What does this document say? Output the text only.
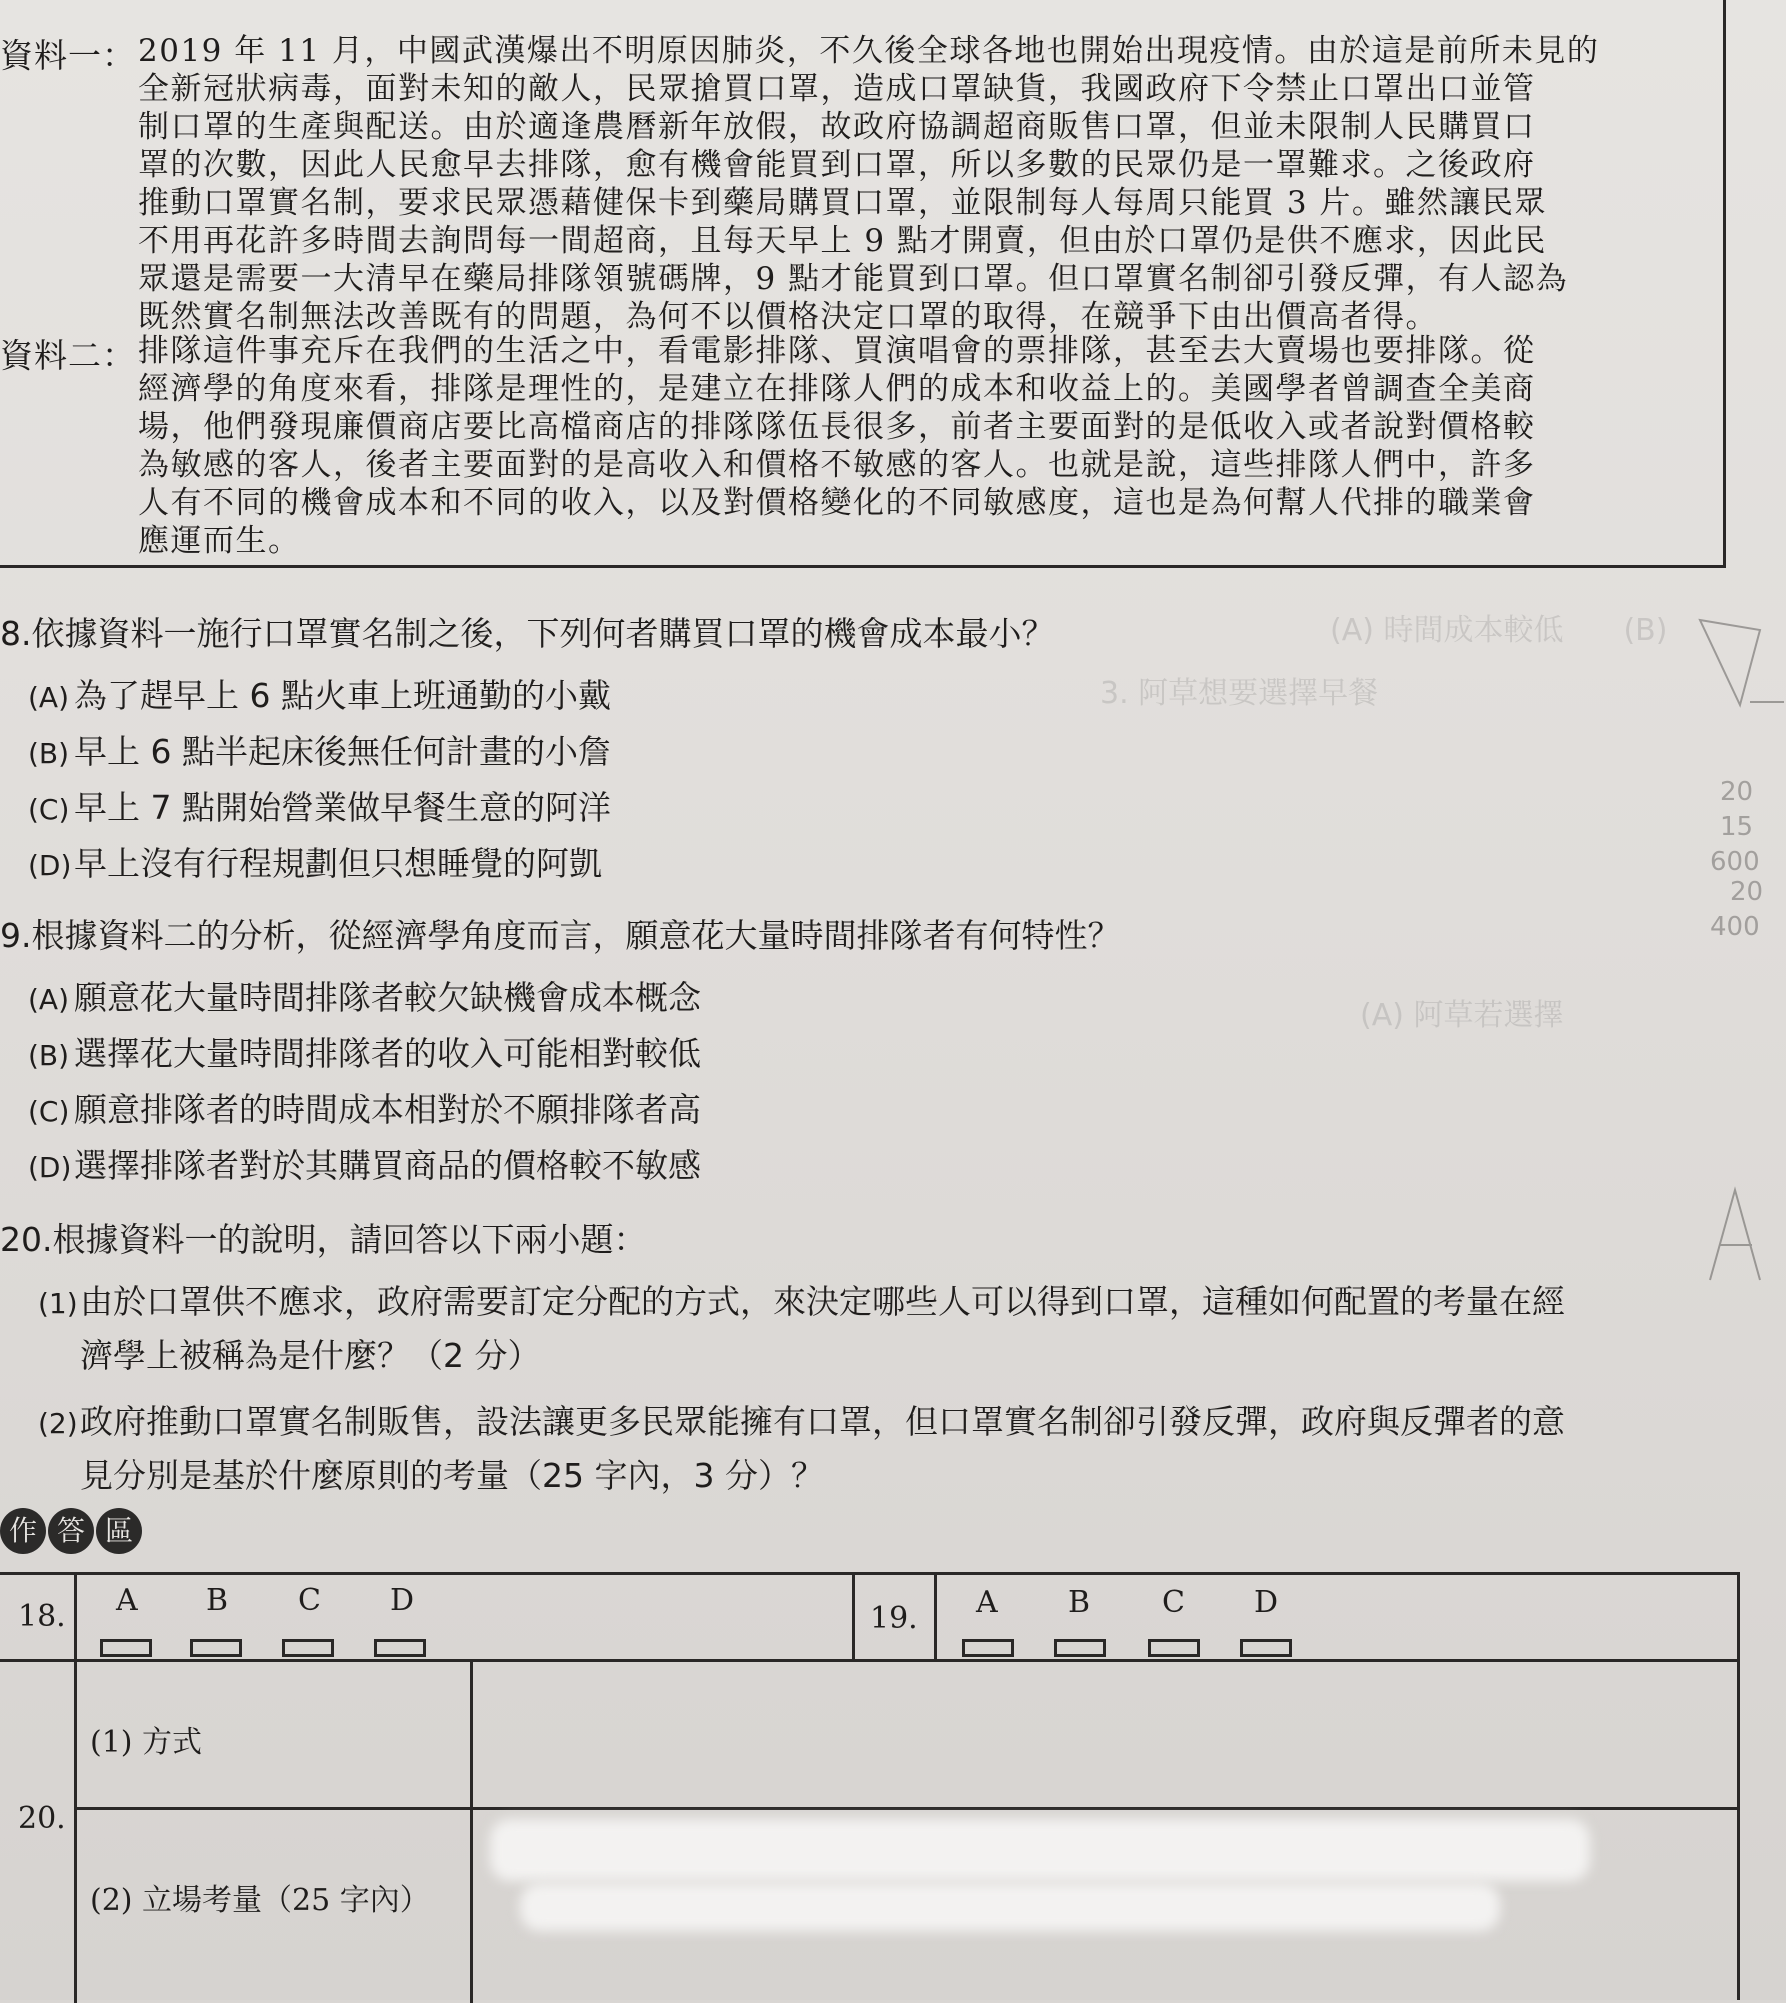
(A) 時間成本較低　　(B)
3. 阿草想要選擇早餐
(A) 阿草若選擇
20
15
600
20
400
資料一： 2019 年 11 月，中國武漢爆出不明原因肺炎，不久後全球各地也開始出現疫情。由於這是前所未見的
全新冠狀病毒，面對未知的敵人，民眾搶買口罩，造成口罩缺貨，我國政府下令禁止口罩出口並管
制口罩的生產與配送。由於適逢農曆新年放假，故政府協調超商販售口罩，但並未限制人民購買口
罩的次數，因此人民愈早去排隊，愈有機會能買到口罩，所以多數的民眾仍是一罩難求。之後政府
推動口罩實名制，要求民眾憑藉健保卡到藥局購買口罩，並限制每人每周只能買 3 片。雖然讓民眾
不用再花許多時間去詢問每一間超商，且每天早上 9 點才開賣，但由於口罩仍是供不應求，因此民
眾還是需要一大清早在藥局排隊領號碼牌，9 點才能買到口罩。但口罩實名制卻引發反彈，有人認為
既然實名制無法改善既有的問題，為何不以價格決定口罩的取得，在競爭下由出價高者得。
資料二： 排隊這件事充斥在我們的生活之中，看電影排隊、買演唱會的票排隊，甚至去大賣場也要排隊。從
經濟學的角度來看，排隊是理性的，是建立在排隊人們的成本和收益上的。美國學者曾調查全美商
場，他們發現廉價商店要比高檔商店的排隊隊伍長很多，前者主要面對的是低收入或者說對價格較
為敏感的客人，後者主要面對的是高收入和價格不敏感的客人。也就是說，這些排隊人們中，許多
人有不同的機會成本和不同的收入，以及對價格變化的不同敏感度，這也是為何幫人代排的職業會
應運而生。
8.依據資料一施行口罩實名制之後，下列何者購買口罩的機會成本最小？
(A) 為了趕早上 6 點火車上班通勤的小戴
(B) 早上 6 點半起床後無任何計畫的小詹
(C) 早上 7 點開始營業做早餐生意的阿洋
(D)早上沒有行程規劃但只想睡覺的阿凱
9.根據資料二的分析，從經濟學角度而言，願意花大量時間排隊者有何特性？
(A) 願意花大量時間排隊者較欠缺機會成本概念
(B) 選擇花大量時間排隊者的收入可能相對較低
(C) 願意排隊者的時間成本相對於不願排隊者高
(D)選擇排隊者對於其購買商品的價格較不敏感
20.根據資料一的說明，請回答以下兩小題：
(1)由於口罩供不應求，政府需要訂定分配的方式，來決定哪些人可以得到口罩，這種如何配置的考量在經
濟學上被稱為是什麼？（2 分）
(2)政府推動口罩實名制販售，設法讓更多民眾能擁有口罩，但口罩實名制卻引發反彈，政府與反彈者的意
見分別是基於什麼原則的考量（25 字內，3 分）？
作 答 區
18. A B C D
19. A B C D
20.
(1) 方式
(2) 立場考量（25 字內）
